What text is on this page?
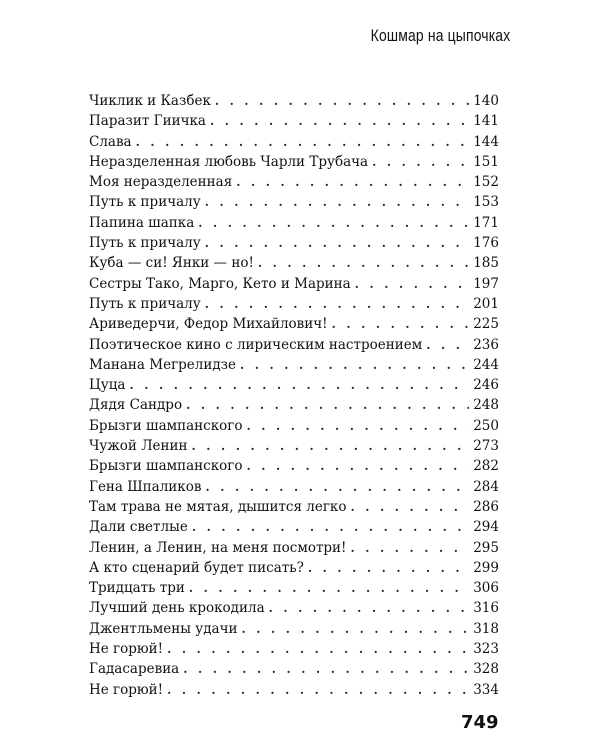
Кошмар на цыпочках
Чиклик и Казбек . . .	140
Паразит Гиичка . . .	141
Слава . . .	144
Неразделенная любовь Чарли Трубача . . .	151
Моя неразделенная . . .	152
Путь к причалу . . .	153
Папина шапка . . .	171
Путь к причалу . . .	176
Куба — си! Янки — но! . . .	185
Сестры Тако, Марго, Кето и Марина . . .	197
Путь к причалу . . .	201
Ариведерчи, Федор Михайлович! . . .	225
Поэтическое кино с лирическим настроением . . .	236
Манана Мегрелидзе . . .	244
Цуца . . .	246
Дядя Сандро . . .	248
Брызги шампанского . . .	250
Чужой Ленин . . .	273
Брызги шампанского . . .	282
Гена Шпаликов . . .	284
Там трава не мятая, дышится легко . . .	286
Дали светлые . . .	294
Ленин, а Ленин, на меня посмотри! . . .	295
А кто сценарий будет писать? . . .	299
Тридцать три . . .	306
Лучший день крокодила . . .	316
Джентльмены удачи . . .	318
Не горюй! . . .	323
Гадасаревиа . . .	328
Не горюй! . . .	334
749
